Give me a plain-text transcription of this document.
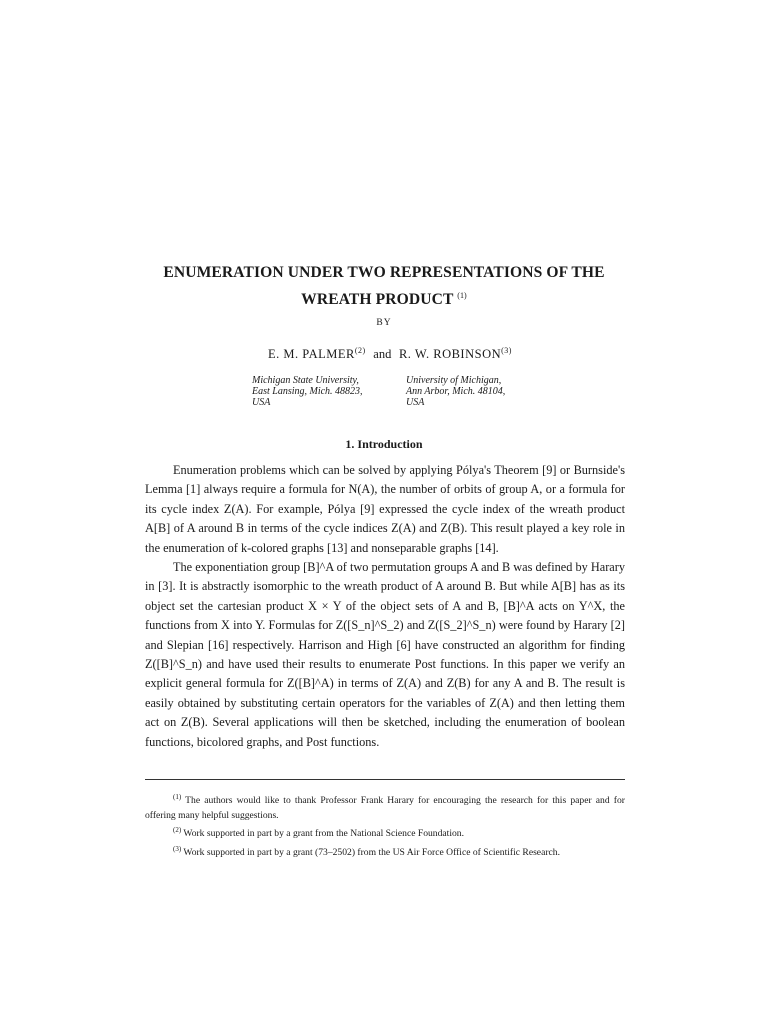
ENUMERATION UNDER TWO REPRESENTATIONS OF THE
WREATH PRODUCT $^{(1)}$
BY
E. M. PALMER$^{(2)}$ and R. W. ROBINSON$^{(3)}$
Michigan State University,
East Lansing, Mich. 48823,
USA
University of Michigan,
Ann Arbor, Mich. 48104,
USA
1. Introduction

Enumeration problems which can be solved by applying Pólya's Theorem [9] or Burnside's Lemma [1] always require a formula for N(A), the number of orbits of group A, or a formula for its cycle index Z(A). For example, Pólya [9] expressed the cycle index of the wreath product A[B] of A around B in terms of the cycle indices Z(A) and Z(B). This result played a key role in the enumeration of k-colored graphs [13] and nonseparable graphs [14].

The exponentiation group [B]^A of two permutation groups A and B was defined by Harary in [3]. It is abstractly isomorphic to the wreath product of A around B. But while A[B] has as its object set the cartesian product X × Y of the object sets of A and B, [B]^A acts on Y^X, the functions from X into Y. Formulas for Z([S_n]^S_2) and Z([S_2]^S_n) were found by Harary [2] and Slepian [16] respectively. Harrison and High [6] have constructed an algorithm for finding Z([B]^S_n) and have used their results to enumerate Post functions. In this paper we verify an explicit general formula for Z([B]^A) in terms of Z(A) and Z(B) for any A and B. The result is easily obtained by substituting certain operators for the variables of Z(A) and then letting them act on Z(B). Several applications will then be sketched, including the enumeration of boolean functions, bicolored graphs, and Post functions.

$^{(1)}$ The authors would like to thank Professor Frank Harary for encouraging the research for this paper and for offering many helpful suggestions.

$^{(2)}$ Work supported in part by a grant from the National Science Foundation.

$^{(3)}$ Work supported in part by a grant (73–2502) from the US Air Force Office of Scientific Research.
